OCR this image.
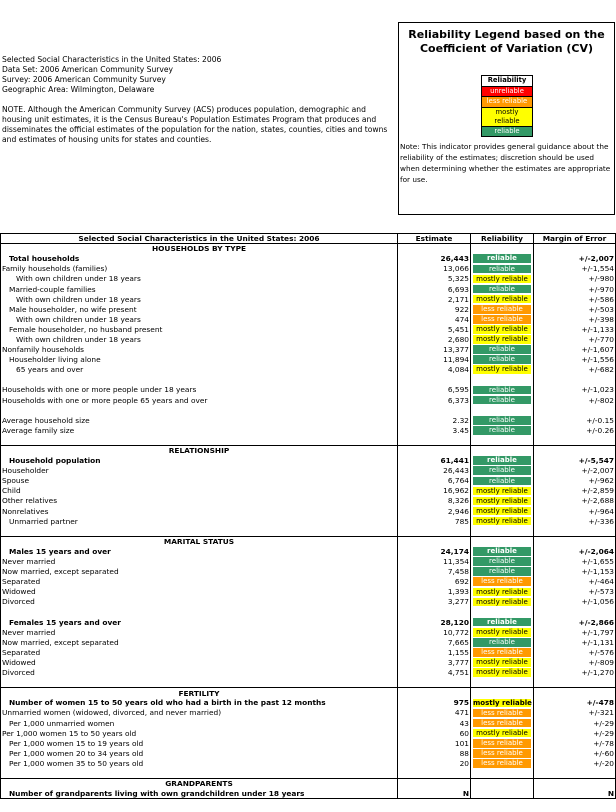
Selected Social Characteristics in the United States: 2006
Data Set: 2006 American Community Survey
Survey: 2006 American Community Survey
Geographic Area: Wilmington, Delaware
NOTE. Although the American Community Survey (ACS) produces population, demographic and housing unit estimates, it is the Census Bureau's Population Estimates Program that produces and disseminates the official estimates of the population for the nation, states, counties, cities and towns and estimates of housing units for states and counties.
Reliability Legend based on the Coefficient of Variation (CV)
Reliability
unreliable
less reliable
mostly reliable
reliable
Note: This indicator provides general guidance about the reliability of the estimates; discretion should be used when determining whether the estimates are appropriate for use.
Selected Social Characteristics in the United States: 2006	Estimate	Reliability	Margin of Error
HOUSEHOLDS BY TYPE			
Total households	26,443	reliable	+/-2,007
Family households (families)	13,066	reliable	+/-1,554
With own children under 18 years	5,325	mostly reliable	+/-980
Married-couple families	6,693	reliable	+/-970
With own children under 18 years	2,171	mostly reliable	+/-586
Male householder, no wife present	922	less reliable	+/-503
With own children under 18 years	474	less reliable	+/-398
Female householder, no husband present	5,451	mostly reliable	+/-1,133
With own children under 18 years	2,680	mostly reliable	+/-770
Nonfamily households	13,377	reliable	+/-1,607
Householder living alone	11,894	reliable	+/-1,556
65 years and over	4,084	mostly reliable	+/-682

Households with one or more people under 18 years	6,595	reliable	+/-1,023
Households with one or more people 65 years and over	6,373	reliable	+/-802

Average household size	2.32	reliable	+/-0.15
Average family size	3.45	reliable	+/-0.26

RELATIONSHIP			
Household population	61,441	reliable	+/-5,547
Householder	26,443	reliable	+/-2,007
Spouse	6,764	reliable	+/-962
Child	16,962	mostly reliable	+/-2,859
Other relatives	8,326	mostly reliable	+/-2,688
Nonrelatives	2,946	mostly reliable	+/-964
Unmarried partner	785	mostly reliable	+/-336

MARITAL STATUS			
Males 15 years and over	24,174	reliable	+/-2,064
Never married	11,354	reliable	+/-1,655
Now married, except separated	7,458	reliable	+/-1,153
Separated	692	less reliable	+/-464
Widowed	1,393	mostly reliable	+/-573
Divorced	3,277	mostly reliable	+/-1,056

Females 15 years and over	28,120	reliable	+/-2,866
Never married	10,772	mostly reliable	+/-1,797
Now married, except separated	7,665	reliable	+/-1,131
Separated	1,155	less reliable	+/-576
Widowed	3,777	mostly reliable	+/-809
Divorced	4,751	mostly reliable	+/-1,270

FERTILITY			
Number of women 15 to 50 years old who had a birth in the past 12 months	975	mostly reliable	+/-478
Unmarried women (widowed, divorced, and never married)	471	less reliable	+/-321
Per 1,000 unmarried women	43	less reliable	+/-29
Per 1,000 women 15 to 50 years old	60	mostly reliable	+/-29
Per 1,000 women 15 to 19 years old	101	less reliable	+/-78
Per 1,000 women 20 to 34 years old	88	less reliable	+/-60
Per 1,000 women 35 to 50 years old	20	less reliable	+/-20

GRANDPARENTS			
Number of grandparents living with own grandchildren under 18 years	N		N
